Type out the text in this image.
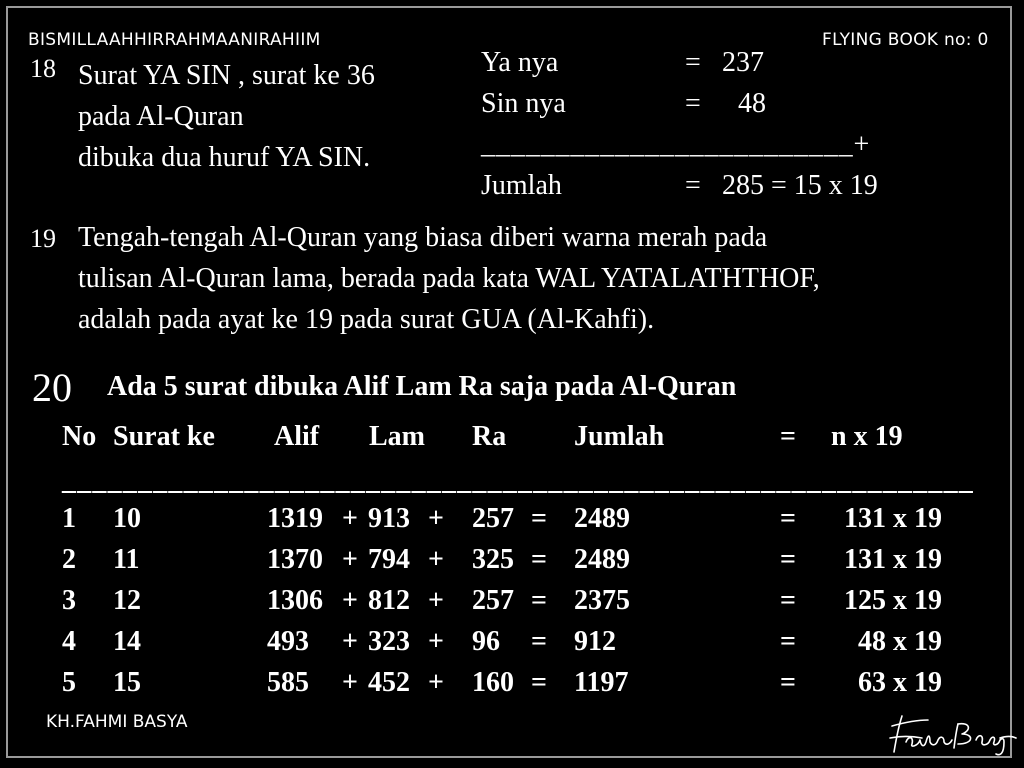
BISMILLAAHHIRRAHMAANIRAHIIM	FLYING BOOK no: 0
18 Surat YA SIN , surat ke 36
pada Al-Quran
dibuka dua huruf YA SIN.
Ya nya	= 237
Sin nya	= 48
_________________________+
Jumlah	= 285 = 15 x 19
19 Tengah-tengah Al-Quran yang biasa diberi warna merah pada
tulisan Al-Quran lama, berada pada kata WAL YATALATHTHOF,
adalah pada ayat ke 19 pada surat GUA (Al-Kahfi).
20 Ada 5 surat dibuka Alif Lam Ra saja pada Al-Quran
No Surat ke Alif Lam Ra Jumlah	= n x 19
____________________________________________________________
1 10	1319 + 913 + 257 = 2489	= 131 x 19
2 11	1370 + 794 + 325 = 2489	= 131 x 19
3 12	1306 + 812 + 257 = 2375	= 125 x 19
4 14	493 + 323 + 96 = 912	= 48 x 19
5 15	585 + 452 + 160 = 1197	= 63 x 19
KH.FAHMI BASYA
